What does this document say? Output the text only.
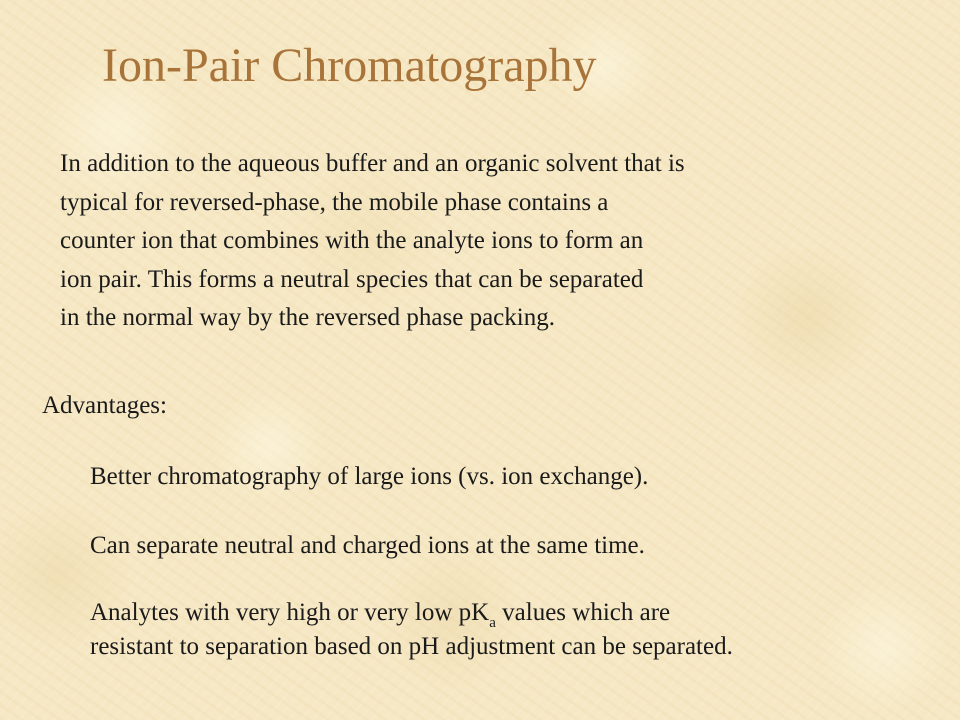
Ion-Pair Chromatography

In addition to the aqueous buffer and an organic solvent that is
typical for reversed-phase, the mobile phase contains a
counter ion that combines with the analyte ions to form an
ion pair. This forms a neutral species that can be separated
in the normal way by the reversed phase packing.

Advantages:

Better chromatography of large ions (vs. ion exchange).

Can separate neutral and charged ions at the same time.

Analytes with very high or very low $pK_a$ values which are
resistant to separation based on pH adjustment can be separated.
